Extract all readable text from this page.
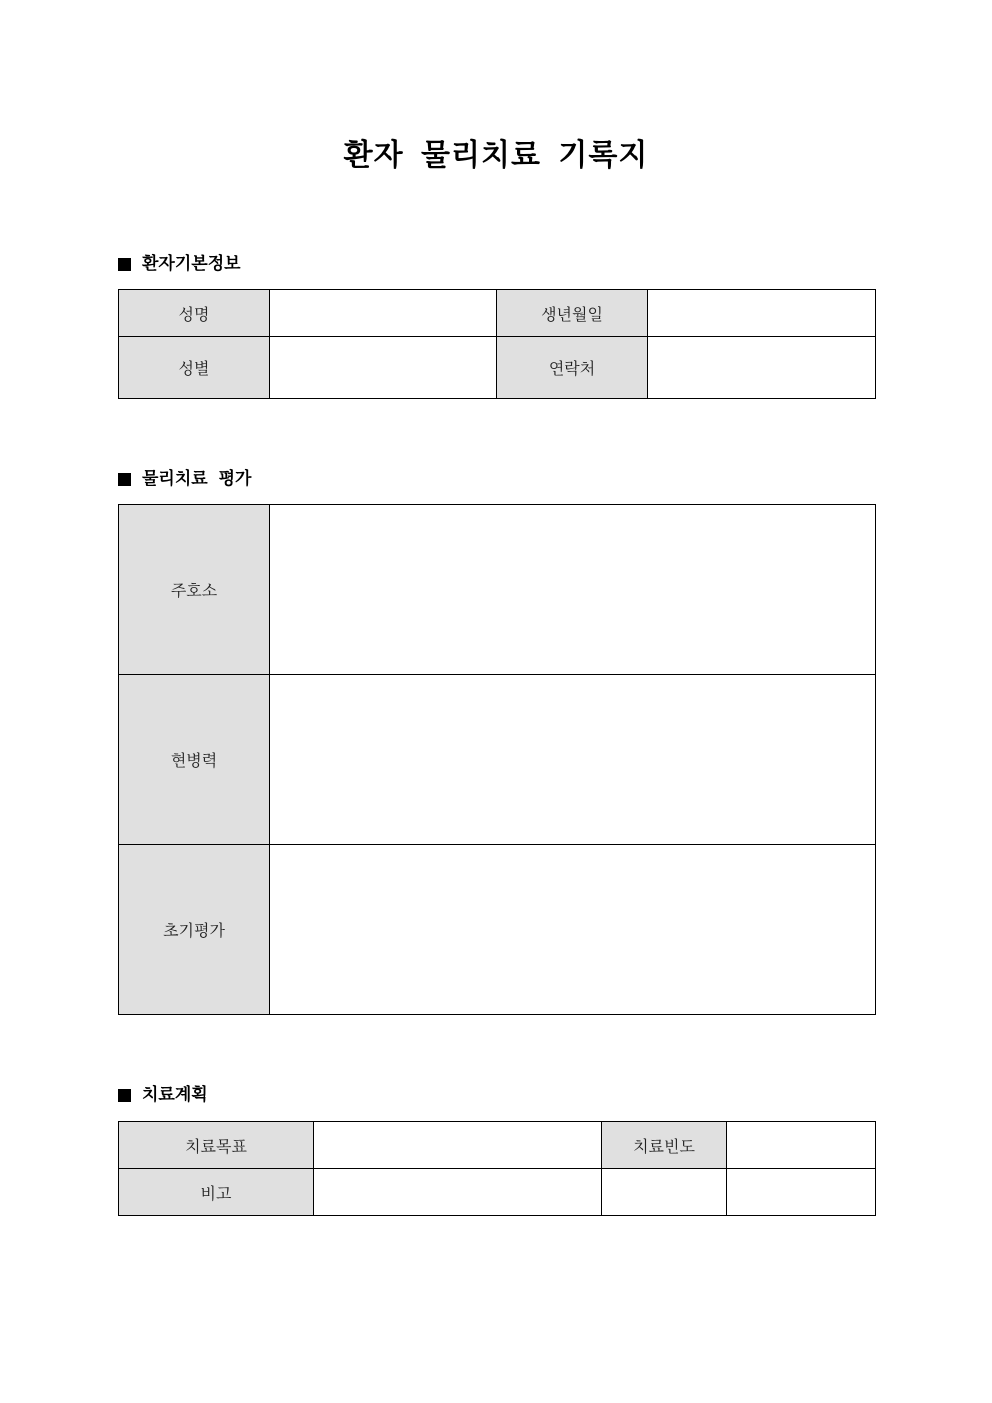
환자 물리치료 기록지
환자기본정보
성명		생년월일	
성별		연락처	
물리치료 평가
주호소	
현병력	
초기평가	
치료계획
치료목표		치료빈도	
비고			
